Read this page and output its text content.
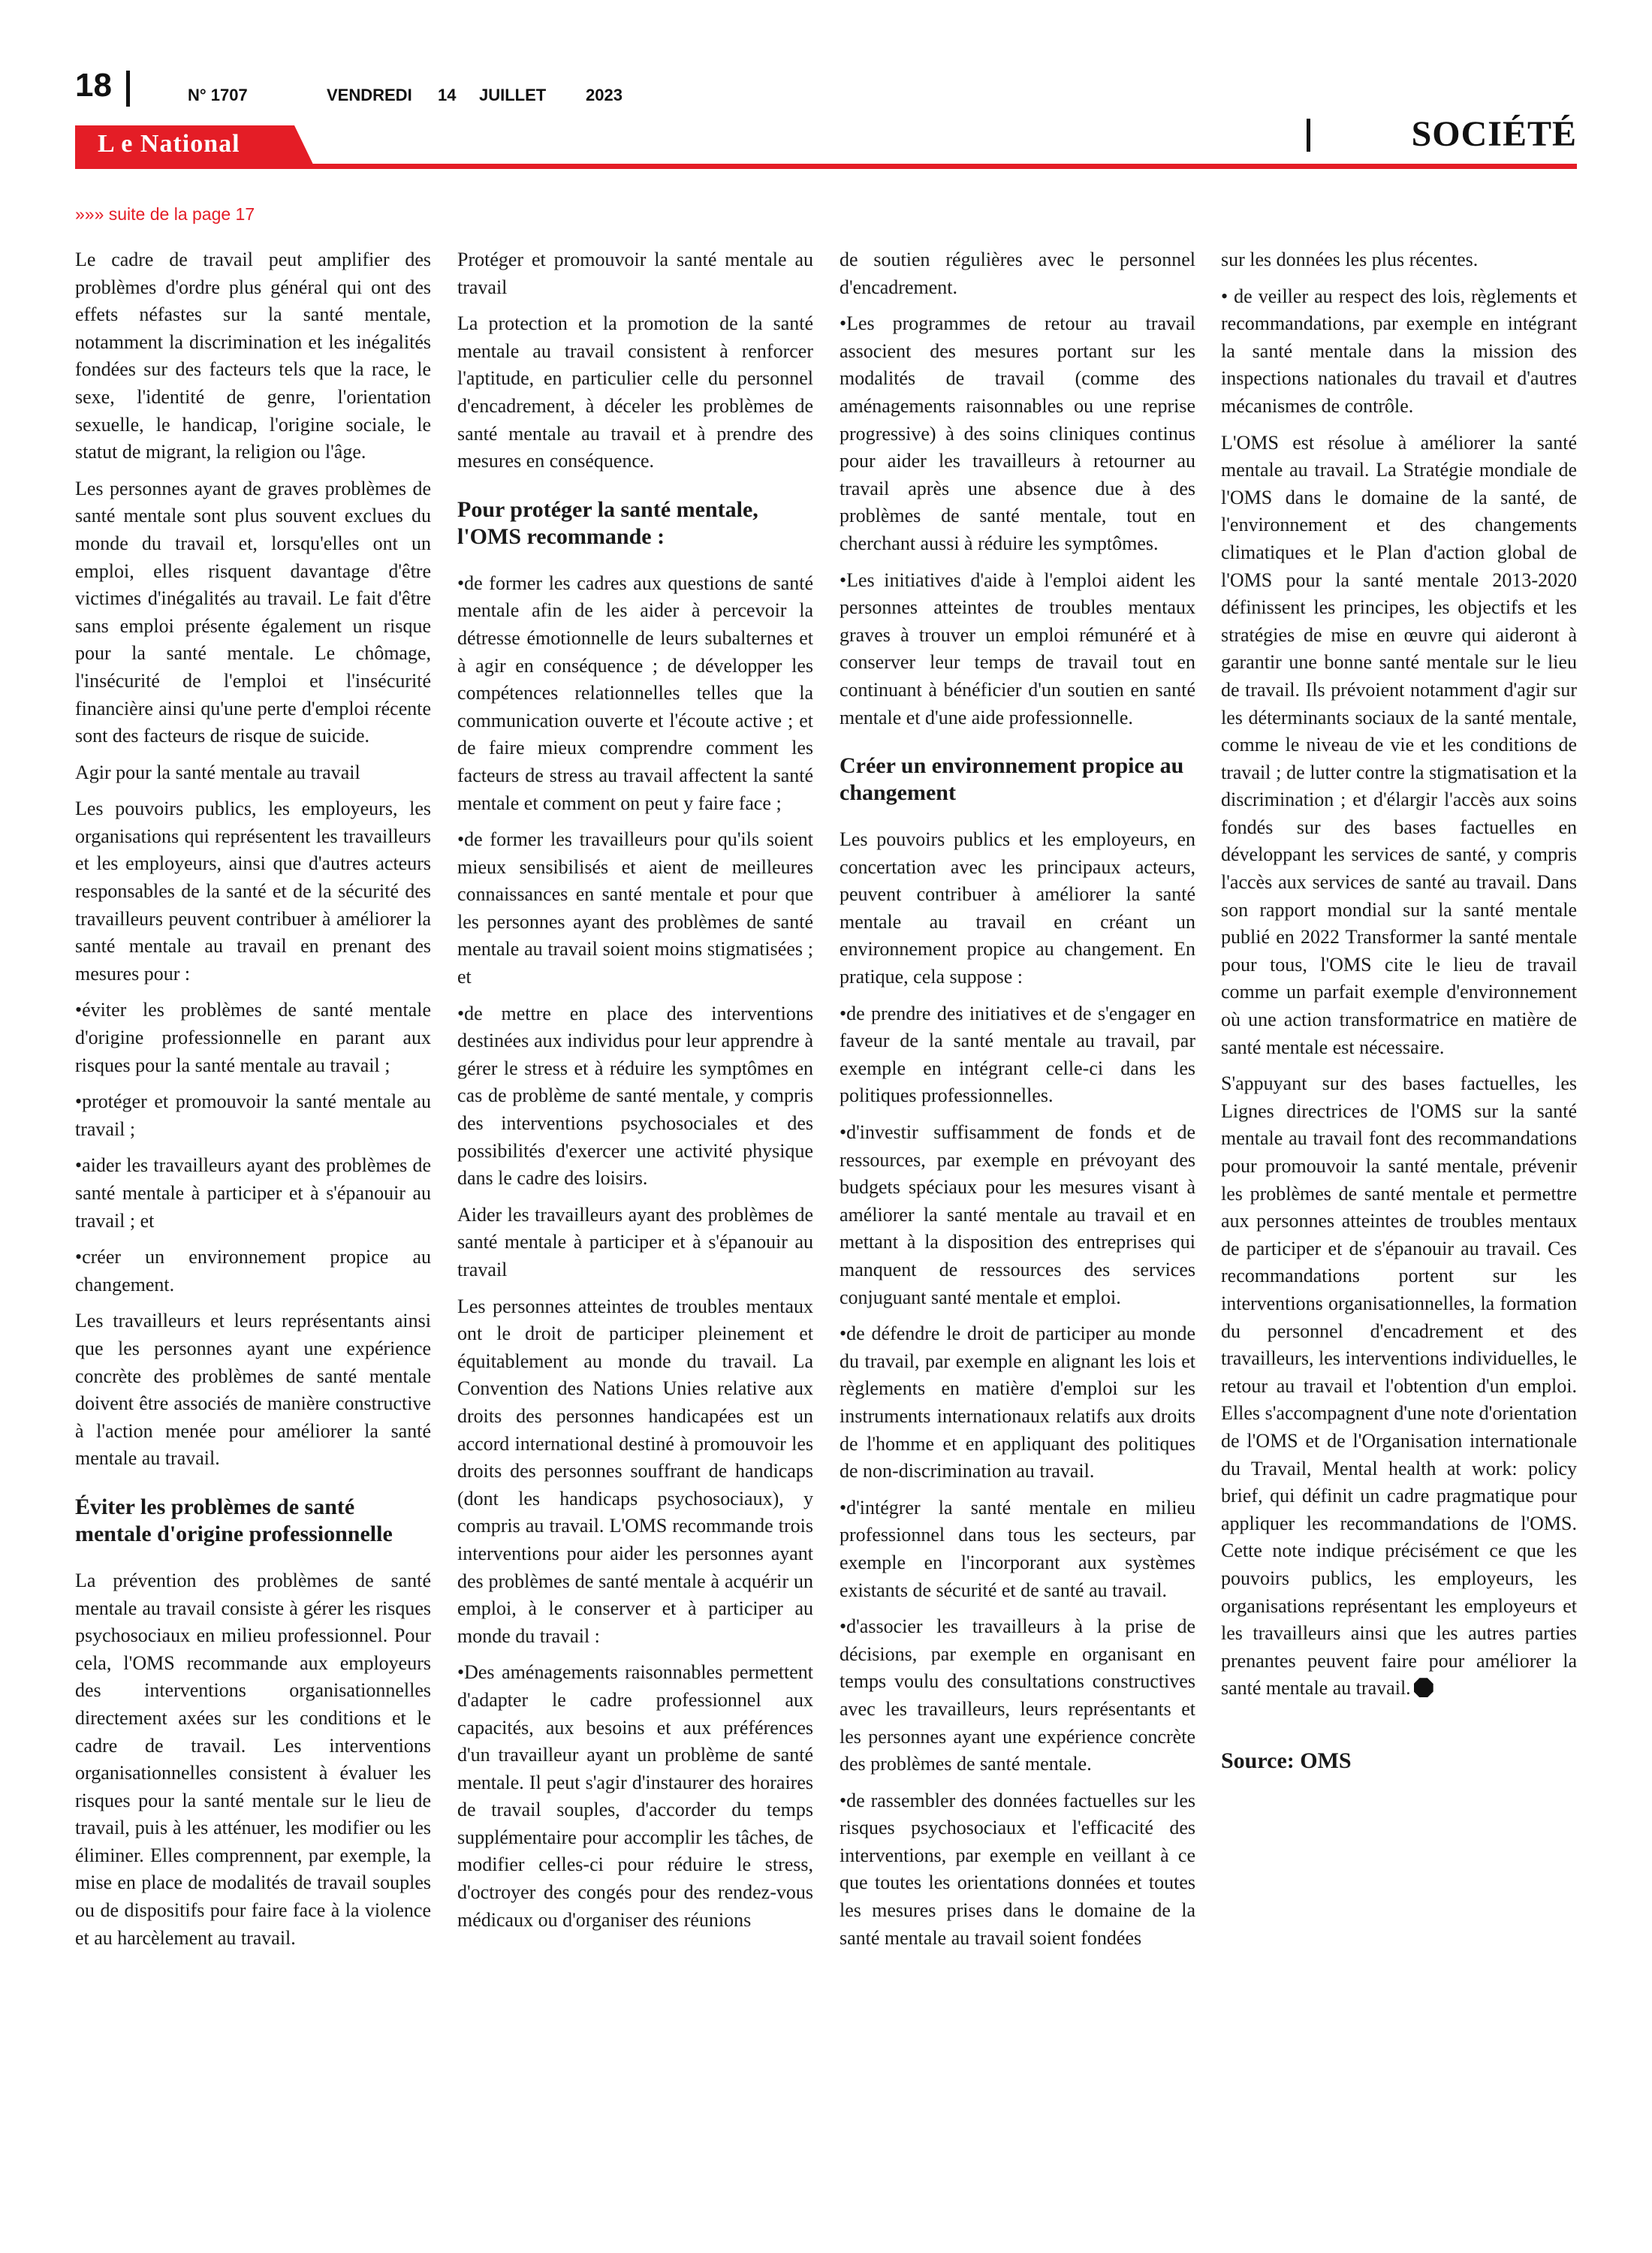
18	N° 1707	VENDREDI 14 JUILLET 2023
L e National	SOCIÉTÉ
»»» suite de la page 17

Le cadre de travail peut amplifier des problèmes d'ordre plus général qui ont des effets néfastes sur la santé mentale, notamment la discrimination et les inégalités fondées sur des facteurs tels que la race, le sexe, l'identité de genre, l'orientation sexuelle, le handicap, l'origine sociale, le statut de migrant, la religion ou l'âge.

Les personnes ayant de graves problèmes de santé mentale sont plus souvent exclues du monde du travail et, lorsqu'elles ont un emploi, elles risquent davantage d'être victimes d'inégalités au travail. Le fait d'être sans emploi présente également un risque pour la santé mentale. Le chômage, l'insécurité de l'emploi et l'insécurité financière ainsi qu'une perte d'emploi récente sont des facteurs de risque de suicide.

Agir pour la santé mentale au travail

Les pouvoirs publics, les employeurs, les organisations qui représentent les travailleurs et les employeurs, ainsi que d'autres acteurs responsables de la santé et de la sécurité des travailleurs peuvent contribuer à améliorer la santé mentale au travail en prenant des mesures pour :

•éviter les problèmes de santé mentale d'origine professionnelle en parant aux risques pour la santé mentale au travail ;

•protéger et promouvoir la santé mentale au travail ;

•aider les travailleurs ayant des problèmes de santé mentale à participer et à s'épanouir au travail ; et

•créer un environnement propice au changement.

Les travailleurs et leurs représentants ainsi que les personnes ayant une expérience concrète des problèmes de santé mentale doivent être associés de manière constructive à l'action menée pour améliorer la santé mentale au travail.

Éviter les problèmes de santé mentale d'origine professionnelle

La prévention des problèmes de santé mentale au travail consiste à gérer les risques psychosociaux en milieu professionnel. Pour cela, l'OMS recommande aux employeurs des interventions organisationnelles directement axées sur les conditions et le cadre de travail. Les interventions organisationnelles consistent à évaluer les risques pour la santé mentale sur le lieu de travail, puis à les atténuer, les modifier ou les éliminer. Elles comprennent, par exemple, la mise en place de modalités de travail souples ou de dispositifs pour faire face à la violence et au harcèlement au travail.

Protéger et promouvoir la santé mentale au travail

La protection et la promotion de la santé mentale au travail consistent à renforcer l'aptitude, en particulier celle du personnel d'encadrement, à déceler les problèmes de santé mentale au travail et à prendre des mesures en conséquence.

Pour protéger la santé mentale, l'OMS recommande :

•de former les cadres aux questions de santé mentale afin de les aider à percevoir la détresse émotionnelle de leurs subalternes et à agir en conséquence ; de développer les compétences relationnelles telles que la communication ouverte et l'écoute active ; et de faire mieux comprendre comment les facteurs de stress au travail affectent la santé mentale et comment on peut y faire face ;

•de former les travailleurs pour qu'ils soient mieux sensibilisés et aient de meilleures connaissances en santé mentale et pour que les personnes ayant des problèmes de santé mentale au travail soient moins stigmatisées ; et

•de mettre en place des interventions destinées aux individus pour leur apprendre à gérer le stress et à réduire les symptômes en cas de problème de santé mentale, y compris des interventions psychosociales et des possibilités d'exercer une activité physique dans le cadre des loisirs.

Aider les travailleurs ayant des problèmes de santé mentale à participer et à s'épanouir au travail

Les personnes atteintes de troubles mentaux ont le droit de participer pleinement et équitablement au monde du travail. La Convention des Nations Unies relative aux droits des personnes handicapées est un accord international destiné à promouvoir les droits des personnes souffrant de handicaps (dont les handicaps psychosociaux), y compris au travail. L'OMS recommande trois interventions pour aider les personnes ayant des problèmes de santé mentale à acquérir un emploi, à le conserver et à participer au monde du travail :

•Des aménagements raisonnables permettent d'adapter le cadre professionnel aux capacités, aux besoins et aux préférences d'un travailleur ayant un problème de santé mentale. Il peut s'agir d'instaurer des horaires de travail souples, d'accorder du temps supplémentaire pour accomplir les tâches, de modifier celles-ci pour réduire le stress, d'octroyer des congés pour des rendez-vous médicaux ou d'organiser des réunions

de soutien régulières avec le personnel d'encadrement.

•Les programmes de retour au travail associent des mesures portant sur les modalités de travail (comme des aménagements raisonnables ou une reprise progressive) à des soins cliniques continus pour aider les travailleurs à retourner au travail après une absence due à des problèmes de santé mentale, tout en cherchant aussi à réduire les symptômes.

•Les initiatives d'aide à l'emploi aident les personnes atteintes de troubles mentaux graves à trouver un emploi rémunéré et à conserver leur temps de travail tout en continuant à bénéficier d'un soutien en santé mentale et d'une aide professionnelle.

Créer un environnement propice au changement

Les pouvoirs publics et les employeurs, en concertation avec les principaux acteurs, peuvent contribuer à améliorer la santé mentale au travail en créant un environnement propice au changement. En pratique, cela suppose :

•de prendre des initiatives et de s'engager en faveur de la santé mentale au travail, par exemple en intégrant celle-ci dans les politiques professionnelles.

•d'investir suffisamment de fonds et de ressources, par exemple en prévoyant des budgets spéciaux pour les mesures visant à améliorer la santé mentale au travail et en mettant à la disposition des entreprises qui manquent de ressources des services conjuguant santé mentale et emploi.

•de défendre le droit de participer au monde du travail, par exemple en alignant les lois et règlements en matière d'emploi sur les instruments internationaux relatifs aux droits de l'homme et en appliquant des politiques de non-discrimination au travail.

•d'intégrer la santé mentale en milieu professionnel dans tous les secteurs, par exemple en l'incorporant aux systèmes existants de sécurité et de santé au travail.

•d'associer les travailleurs à la prise de décisions, par exemple en organisant en temps voulu des consultations constructives avec les travailleurs, leurs représentants et les personnes ayant une expérience concrète des problèmes de santé mentale.

•de rassembler des données factuelles sur les risques psychosociaux et l'efficacité des interventions, par exemple en veillant à ce que toutes les orientations données et toutes les mesures prises dans le domaine de la santé mentale au travail soient fondées

sur les données les plus récentes.

• de veiller au respect des lois, règlements et recommandations, par exemple en intégrant la santé mentale dans la mission des inspections nationales du travail et d'autres mécanismes de contrôle.

L'OMS est résolue à améliorer la santé mentale au travail. La Stratégie mondiale de l'OMS dans le domaine de la santé, de l'environnement et des changements climatiques et le Plan d'action global de l'OMS pour la santé mentale 2013-2020 définissent les principes, les objectifs et les stratégies de mise en œuvre qui aideront à garantir une bonne santé mentale sur le lieu de travail. Ils prévoient notamment d'agir sur les déterminants sociaux de la santé mentale, comme le niveau de vie et les conditions de travail ; de lutter contre la stigmatisation et la discrimination ; et d'élargir l'accès aux soins fondés sur des bases factuelles en développant les services de santé, y compris l'accès aux services de santé au travail. Dans son rapport mondial sur la santé mentale publié en 2022 Transformer la santé mentale pour tous, l'OMS cite le lieu de travail comme un parfait exemple d'environnement où une action transformatrice en matière de santé mentale est nécessaire.

S'appuyant sur des bases factuelles, les Lignes directrices de l'OMS sur la santé mentale au travail font des recommandations pour promouvoir la santé mentale, prévenir les problèmes de santé mentale et permettre aux personnes atteintes de troubles mentaux de participer et de s'épanouir au travail. Ces recommandations portent sur les interventions organisationnelles, la formation du personnel d'encadrement et des travailleurs, les interventions individuelles, le retour au travail et l'obtention d'un emploi. Elles s'accompagnent d'une note d'orientation de l'OMS et de l'Organisation internationale du Travail, Mental health at work: policy brief, qui définit un cadre pragmatique pour appliquer les recommandations de l'OMS. Cette note indique précisément ce que les pouvoirs publics, les employeurs, les organisations représentant les employeurs et les travailleurs ainsi que les autres parties prenantes peuvent faire pour améliorer la santé mentale au travail.

Source: OMS
